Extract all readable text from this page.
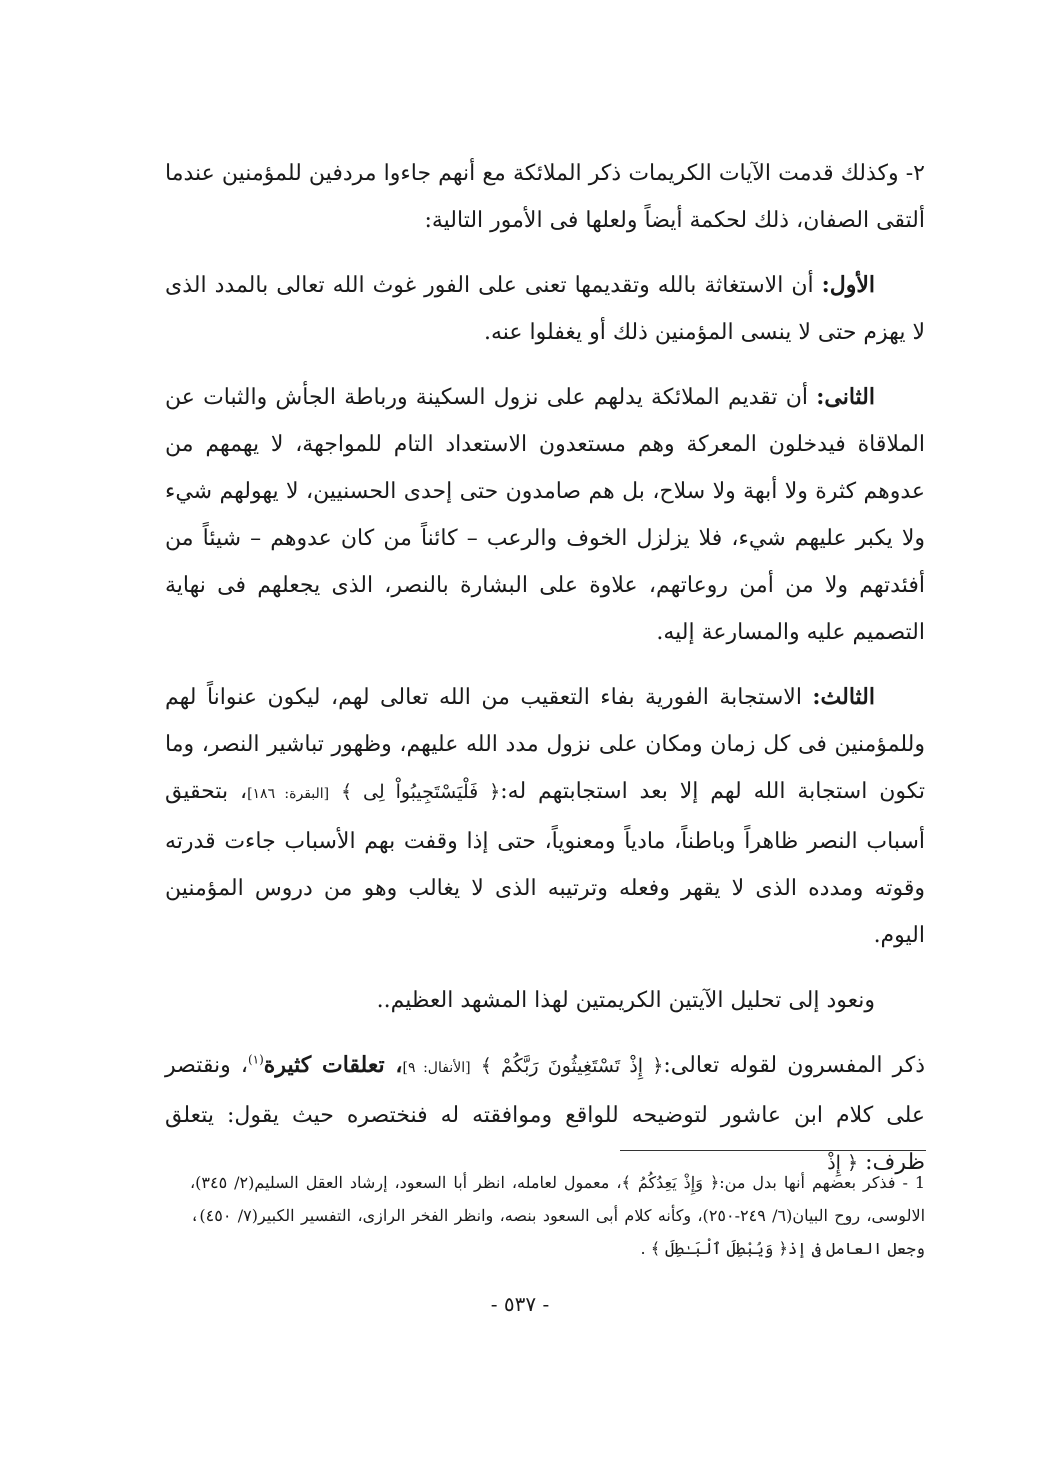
٢- وكذلك قدمت الآيات الكريمات ذكر الملائكة مع أنهم جاءوا مردفين للمؤمنين عندما ألتقى الصفان، ذلك لحكمة أيضاً ولعلها فى الأمور التالية:

الأول: أن الاستغاثة بالله وتقديمها تعنى على الفور غوث الله تعالى بالمدد الذى لا يهزم حتى لا ينسى المؤمنين ذلك أو يغفلوا عنه.

الثانى: أن تقديم الملائكة يدلهم على نزول السكينة ورباطة الجأش والثبات عن الملاقاة فيدخلون المعركة وهم مستعدون الاستعداد التام للمواجهة، لا يهمهم من عدوهم كثرة ولا أبهة ولا سلاح، بل هم صامدون حتى إحدى الحسنيين، لا يهولهم شيء ولا يكبر عليهم شيء، فلا يزلزل الخوف والرعب – كائناً من كان عدوهم – شيئاً من أفئدتهم ولا من أمن روعاتهم، علاوة على البشارة بالنصر، الذى يجعلهم فى نهاية التصميم عليه والمسارعة إليه.

الثالث: الاستجابة الفورية بفاء التعقيب من الله تعالى لهم، ليكون عنواناً لهم وللمؤمنين فى كل زمان ومكان على نزول مدد الله عليهم، وظهور تباشير النصر، وما تكون استجابة الله لهم إلا بعد استجابتهم له:﴿ فَلْيَسْتَجِيبُواْ لِى ﴾ [البقرة: ١٨٦]، بتحقيق أسباب النصر ظاهراً وباطناً، مادياً ومعنوياً، حتى إذا وقفت بهم الأسباب جاءت قدرته وقوته ومدده الذى لا يقهر وفعله وترتيبه الذى لا يغالب وهو من دروس المؤمنين اليوم.

ونعود إلى تحليل الآيتين الكريمتين لهذا المشهد العظيم..

ذكر المفسرون لقوله تعالى:﴿ إِذْ تَسْتَغِيثُونَ رَبَّكُمْ ﴾ [الأنفال: ٩]، تعلقات كثيرة$^{(١)}$، ونقتصر على كلام ابن عاشور لتوضيحه للواقع وموافقته له فنختصره حيث يقول: يتعلق ظرف: ﴿ إِذْ

1 - فذكر بعضهم أنها بدل من:﴿ وَإِذْ يَعِدُكُمُ ﴾، معمول لعامله، انظر أبا السعود، إرشاد العقل السليم(٢/ ٣٤٥)، الالوسى، روح البيان(٦/ ٢٤٩-٢٥٠)، وكأنه كلام أبى السعود بنصه، وانظر الفخر الرازى، التفسير الكبير(٧/ ٤٥٠)، وجعل العامل فى إذ﴿ وَيُبْطِلَ ٱلْبَـٰطِلَ ﴾ .
- ٥٣٧ -
